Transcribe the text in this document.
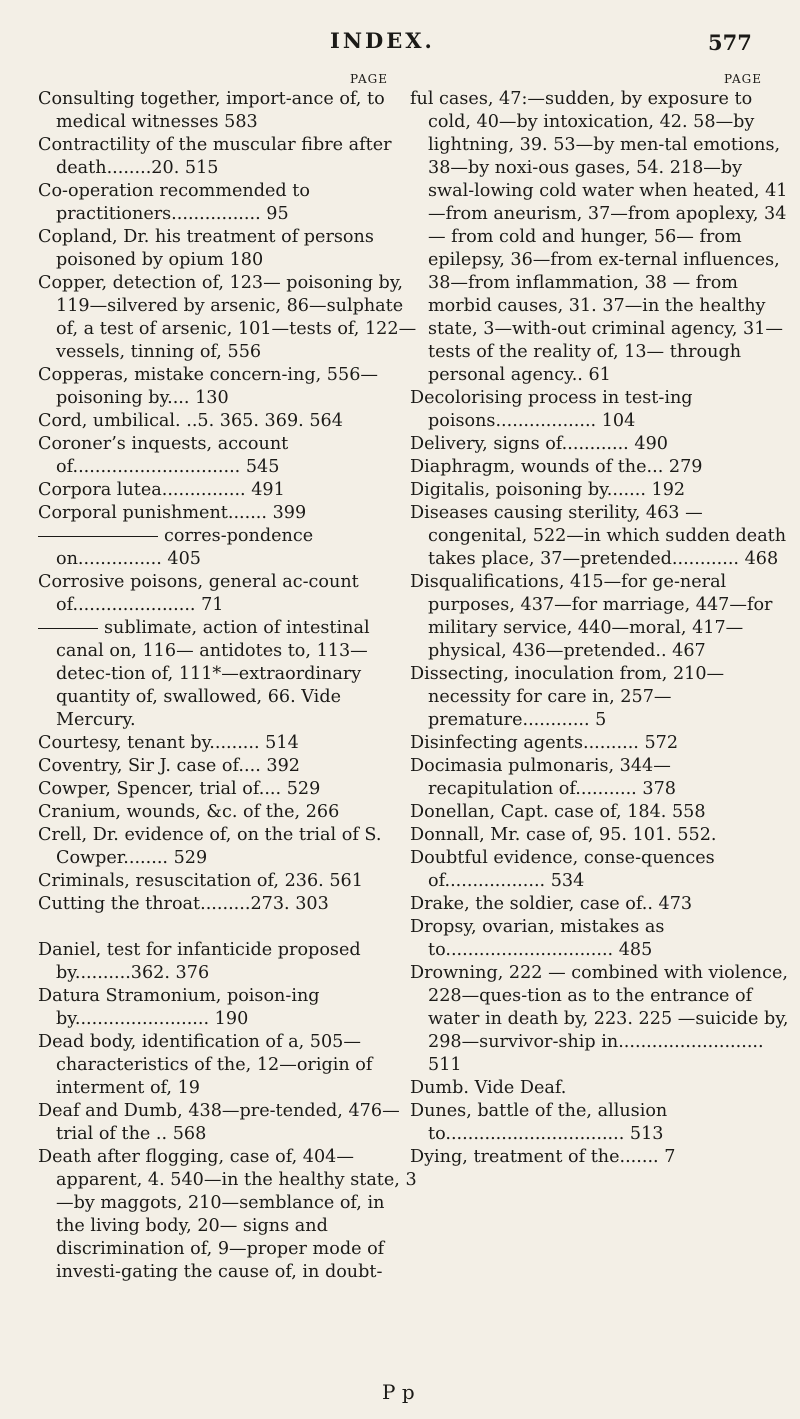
INDEX.	577
PAGE	PAGE

Consulting together, import-ance of, to medical witnesses 583

Contractility of the muscular fibre after death........20. 515

Co-operation recommended to practitioners................ 95

Copland, Dr. his treatment of persons poisoned by opium 180

Copper, detection of, 123— poisoning by, 119—silvered by arsenic, 86—sulphate of, a test of arsenic, 101—tests of, 122—vessels, tinning of, 556

Copperas, mistake concern-ing, 556—poisoning by.... 130

Cord, umbilical. ..5. 365. 369. 564

Coroner’s inquests, account of.............................. 545

Corpora lutea............... 491

Corporal punishment....... 399

corres-pondence on............... 405

Corrosive poisons, general ac-count of...................... 71

sublimate, action of intestinal canal on, 116— antidotes to, 113—detec-tion of, 111*—extraordinary quantity of, swallowed, 66. Vide Mercury.

Courtesy, tenant by......... 514

Coventry, Sir J. case of.... 392

Cowper, Spencer, trial of.... 529

Cranium, wounds, &c. of the, 266

Crell, Dr. evidence of, on the trial of S. Cowper........ 529

Criminals, resuscitation of, 236. 561

Cutting the throat.........273. 303

Daniel, test for infanticide proposed by..........362. 376

Datura Stramonium, poison-ing by........................ 190

Dead body, identification of a, 505—characteristics of the, 12—origin of interment of, 19

Deaf and Dumb, 438—pre-tended, 476—trial of the .. 568

Death after flogging, case of, 404—apparent, 4. 540—in the healthy state, 3—by maggots, 210—semblance of, in the living body, 20— signs and discrimination of, 9—proper mode of investi-gating the cause of, in doubt-

ful cases, 47:—sudden, by exposure to cold, 40—by intoxication, 42. 58—by lightning, 39. 53—by men-tal emotions, 38—by noxi-ous gases, 54. 218—by swal-lowing cold water when heated, 41—from aneurism, 37—from apoplexy, 34— from cold and hunger, 56— from epilepsy, 36—from ex-ternal influences, 38—from inflammation, 38 — from morbid causes, 31. 37—in the healthy state, 3—with-out criminal agency, 31— tests of the reality of, 13— through personal agency.. 61

Decolorising process in test-ing poisons.................. 104

Delivery, signs of............ 490

Diaphragm, wounds of the... 279

Digitalis, poisoning by....... 192

Diseases causing sterility, 463 —congenital, 522—in which sudden death takes place, 37—pretended............ 468

Disqualifications, 415—for ge-neral purposes, 437—for marriage, 447—for military service, 440—moral, 417— physical, 436—pretended.. 467

Dissecting, inoculation from, 210—necessity for care in, 257—premature............ 5

Disinfecting agents.......... 572

Docimasia pulmonaris, 344— recapitulation of........... 378

Donellan, Capt. case of, 184. 558

Donnall, Mr. case of, 95. 101. 552.

Doubtful evidence, conse-quences of.................. 534

Drake, the soldier, case of.. 473

Dropsy, ovarian, mistakes as to.............................. 485

Drowning, 222 — combined with violence, 228—ques-tion as to the entrance of water in death by, 223. 225 —suicide by, 298—survivor-ship in.......................... 511

Dumb. Vide Deaf.

Dunes, battle of the, allusion to................................ 513

Dying, treatment of the....... 7

P p
